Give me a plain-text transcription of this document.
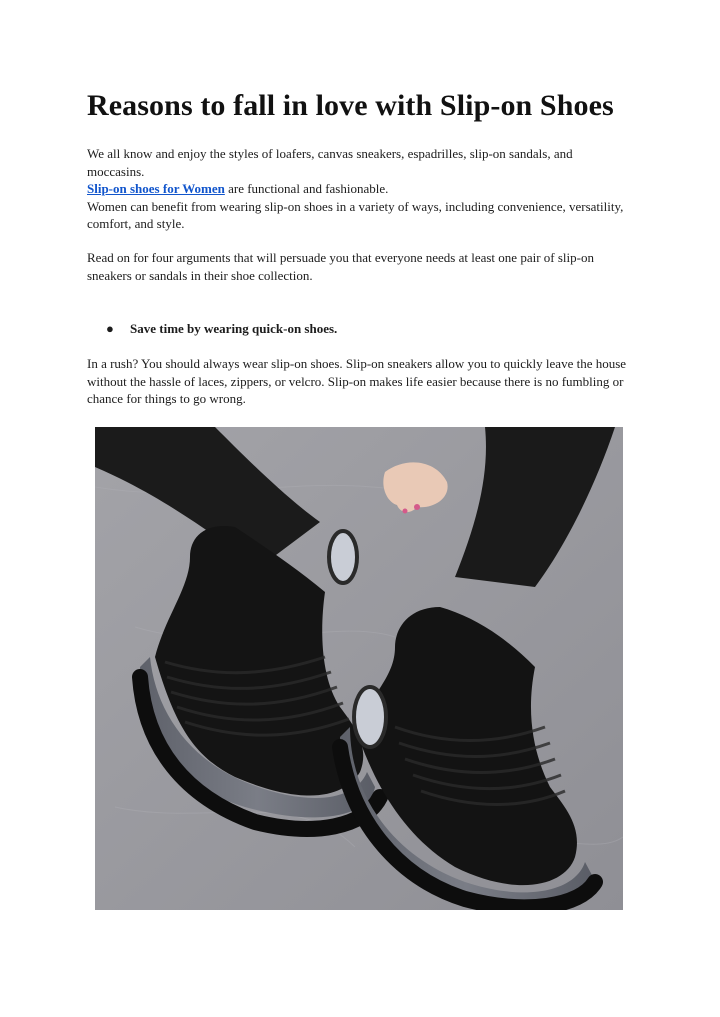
Reasons to fall in love with Slip-on Shoes

We all know and enjoy the styles of loafers, canvas sneakers, espadrilles, slip-on sandals, and moccasins.
Slip-on shoes for Women are functional and fashionable.
Women can benefit from wearing slip-on shoes in a variety of ways, including convenience, versatility, comfort, and style.

Read on for four arguments that will persuade you that everyone needs at least one pair of slip-on sneakers or sandals in their shoe collection.

● Save time by wearing quick-on shoes.

In a rush? You should always wear slip-on shoes. Slip-on sneakers allow you to quickly leave the house without the hassle of laces, zippers, or velcro. Slip-on makes life easier because there is no fumbling or chance for things to go wrong.
